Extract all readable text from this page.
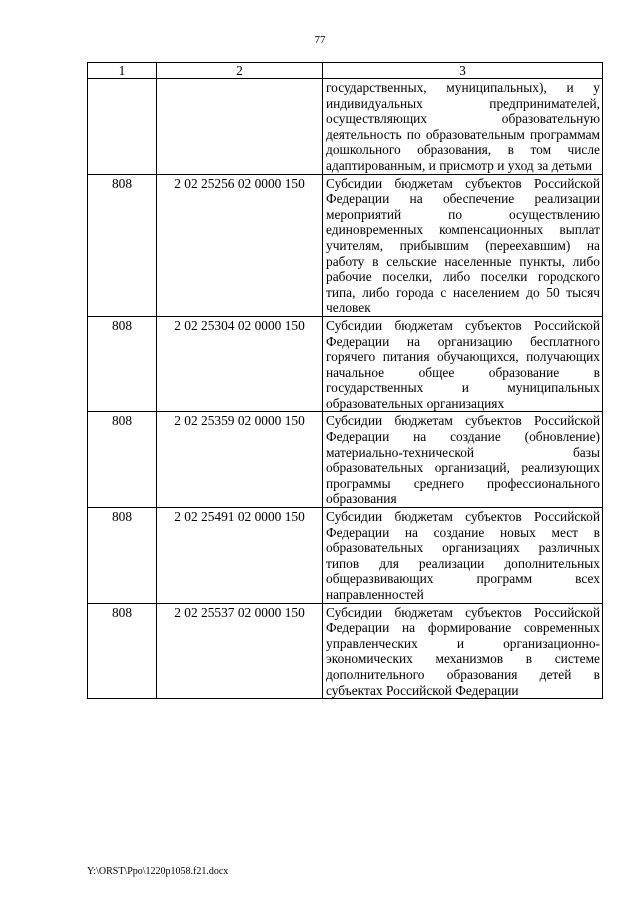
77
1	2	3
		государственных, муниципальных), и у индивидуальных предпринимателей, осуществляющих образовательную деятельность по образовательным программам дошкольного образования, в том числе адаптированным, и присмотр и уход за детьми
808	2 02 25256 02 0000 150	Субсидии бюджетам субъектов Российской Федерации на обеспечение реализации мероприятий по осуществлению единовременных компенсационных выплат учителям, прибывшим (переехавшим) на работу в сельские населенные пункты, либо рабочие поселки, либо поселки городского типа, либо города с населением до 50 тысяч человек
808	2 02 25304 02 0000 150	Субсидии бюджетам субъектов Российской Федерации на организацию бесплатного горячего питания обучающихся, получающих начальное общее образование в государственных и муниципальных образовательных организациях
808	2 02 25359 02 0000 150	Субсидии бюджетам субъектов Российской Федерации на создание (обновление) материально-технической базы образовательных организаций, реализующих программы среднего профессионального образования
808	2 02 25491 02 0000 150	Субсидии бюджетам субъектов Российской Федерации на создание новых мест в образовательных организациях различных типов для реализации дополнительных общеразвивающих программ всех направленностей
808	2 02 25537 02 0000 150	Субсидии бюджетам субъектов Российской Федерации на формирование современных управленческих и организационно-экономических механизмов в системе дополнительного образования детей в субъектах Российской Федерации
Y:\ORST\Ppo\1220p1058.f21.docx
